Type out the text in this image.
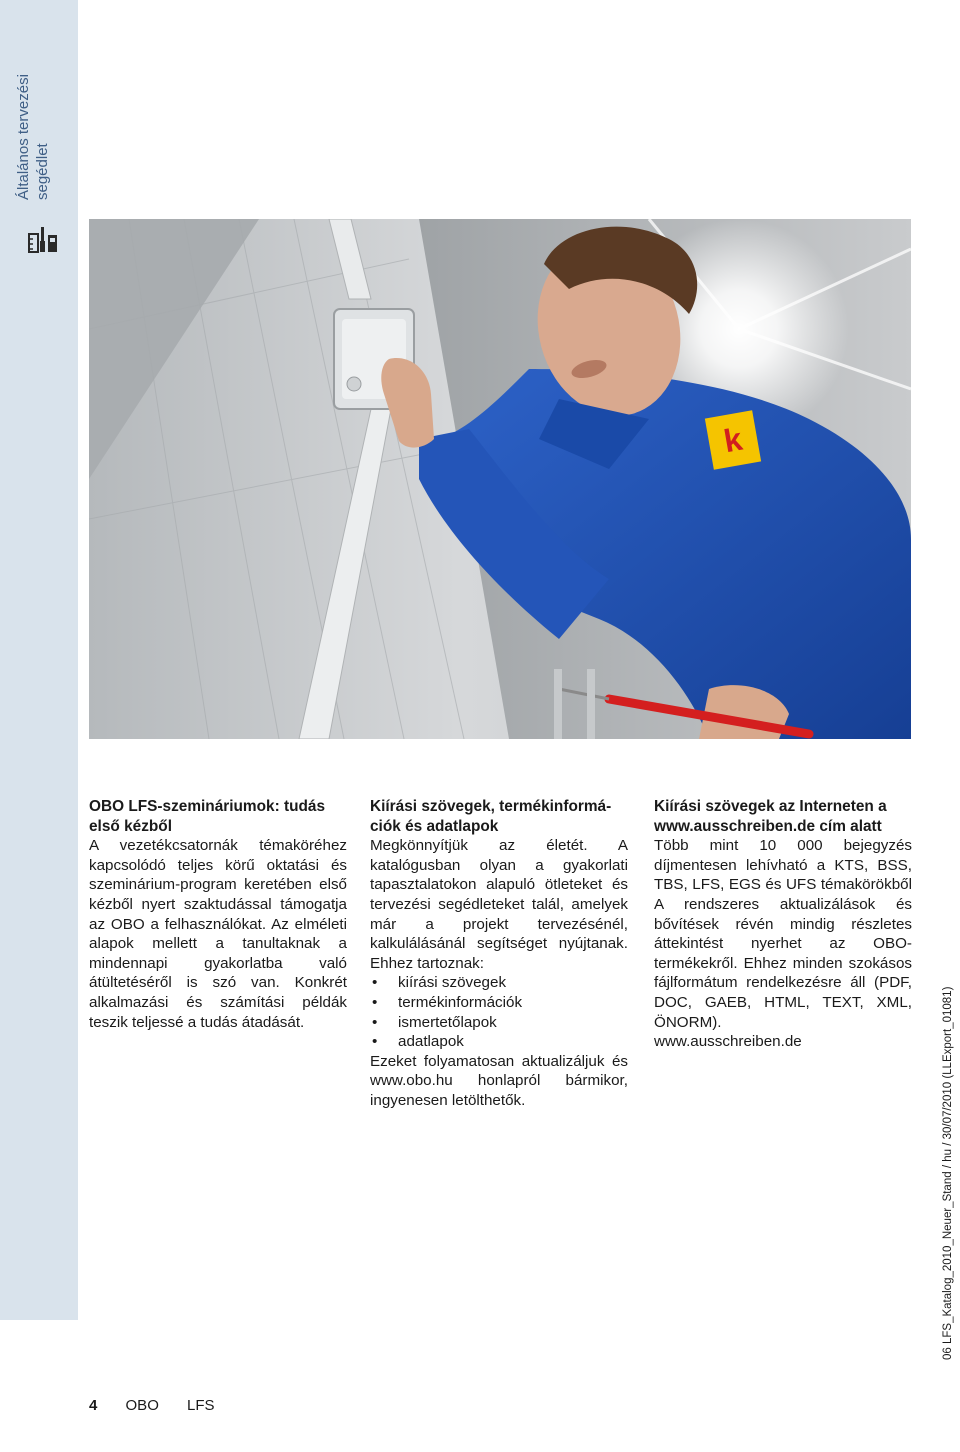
Általános tervezési segédlet
k
OBO LFS-szemináriumok: tudás
első kézből

A vezetékcsatornák témaköréhez kapcsolódó teljes körű oktatási és szeminárium-program keretében első kézből nyert szaktudással támogatja az OBO a felhasználókat. Az elméleti alapok mellett a tanultaknak a mindennapi gyakorlatba való átültetéséről is szó van. Konkrét alkalmazási és számítási példák teszik teljessé a tudás átadását.

Kiírási szövegek, termékinformá-
ciók és adatlapok

Megkönnyítjük az életét. A katalógusban olyan a gyakorlati tapasztalatokon alapuló ötleteket és tervezési segédleteket talál, amelyek már a projekt tervezésénél, kalkulálásánál segítséget nyújtanak. Ehhez tartoznak:

• kiírási szövegek
• termékinformációk
• ismertetőlapok
• adatlapok

Ezeket folyamatosan aktualizáljuk és www.obo.hu honlapról bármikor, ingyenesen letölthetők.

Kiírási szövegek az Interneten a
www.ausschreiben.de cím alatt

Több mint 10 000 bejegyzés díjmentesen lehívható a KTS, BSS, TBS, LFS, EGS és UFS témakörökből A rendszeres aktualizálások és bővítések révén mindig részletes áttekintést nyerhet az OBO-termékekről. Ehhez minden szokásos fájlformátum rendelkezésre áll (PDF, DOC, GAEB, HTML, TEXT, XML, ÖNORM).

www.ausschreiben.de	06 LFS_Katalog_2010_Neuer_Stand / hu / 30/07/2010 (LLExport_01081)
4 OBO LFS
